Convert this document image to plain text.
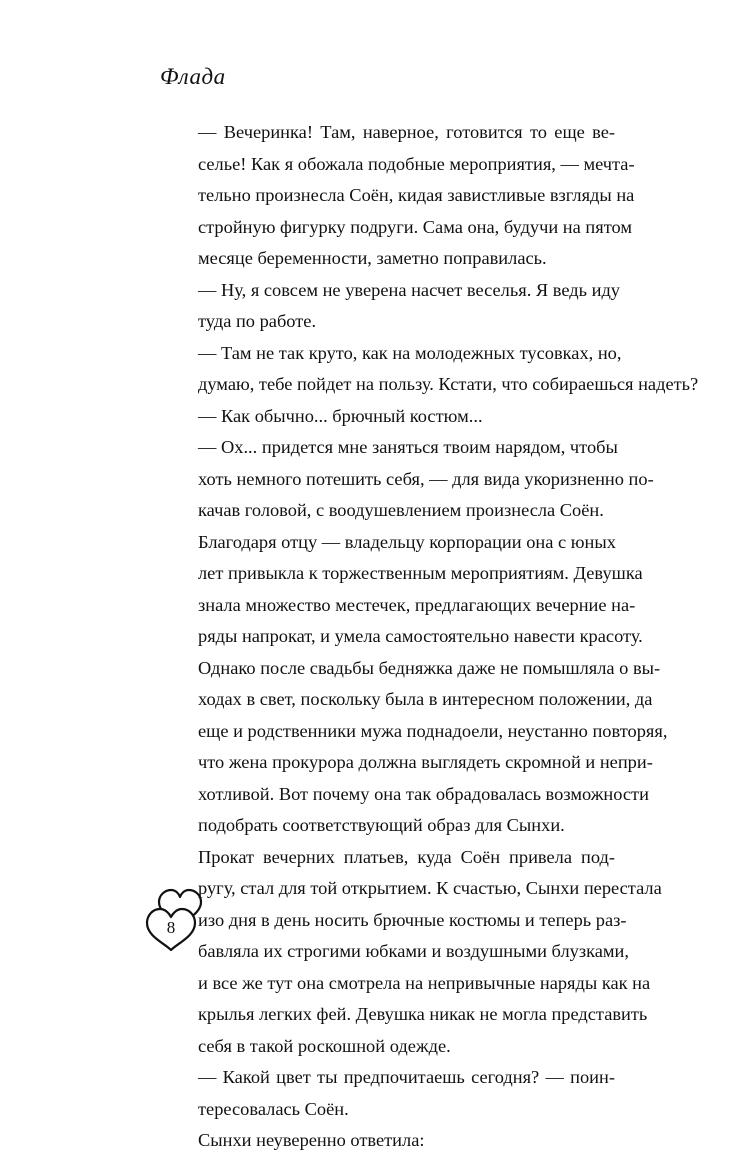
Флада
— Вечеринка! Там, наверное, готовится то еще ве-
селье! Как я обожала подобные мероприятия, — мечта-
тельно произнесла Соён, кидая завистливые взгляды на
стройную фигурку подруги. Сама она, будучи на пятом
месяце беременности, заметно поправилась.
— Ну, я совсем не уверена насчет веселья. Я ведь иду
туда по работе.
— Там не так круто, как на молодежных тусовках, но,
думаю, тебе пойдет на пользу. Кстати, что собираешься надеть?
— Как обычно... брючный костюм...
— Ох... придется мне заняться твоим нарядом, чтобы
хоть немного потешить себя, — для вида укоризненно по-
качав головой, с воодушевлением произнесла Соён.
Благодаря отцу — владельцу корпорации она с юных
лет привыкла к торжественным мероприятиям. Девушка
знала множество местечек, предлагающих вечерние на-
ряды напрокат, и умела самостоятельно навести красоту.
Однако после свадьбы бедняжка даже не помышляла о вы-
ходах в свет, поскольку была в интересном положении, да
еще и родственники мужа поднадоели, неустанно повторяя,
что жена прокурора должна выглядеть скромной и непри-
хотливой. Вот почему она так обрадовалась возможности
подобрать соответствующий образ для Сынхи.
Прокат вечерних платьев, куда Соён привела под-
ругу, стал для той открытием. К счастью, Сынхи перестала
изо дня в день носить брючные костюмы и теперь раз-
бавляла их строгими юбками и воздушными блузками,
и все же тут она смотрела на непривычные наряды как на
крылья легких фей. Девушка никак не могла представить
себя в такой роскошной одежде.
— Какой цвет ты предпочитаешь сегодня? — поин-
тересовалась Соён.
Сынхи неуверенно ответила:
8
